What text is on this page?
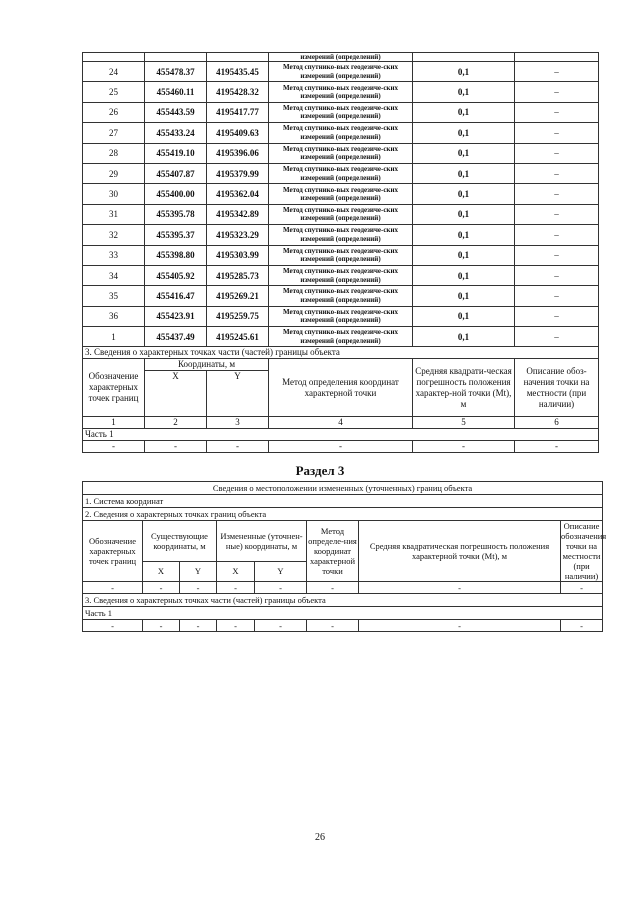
			измерений (определений)		
24	455478.37	4195435.45	Метод спутнико-вых геодезиче-ских измерений (определений)	0,1	–
25	455460.11	4195428.32	Метод спутнико-вых геодезиче-ских измерений (определений)	0,1	–
26	455443.59	4195417.77	Метод спутнико-вых геодезиче-ских измерений (определений)	0,1	–
27	455433.24	4195409.63	Метод спутнико-вых геодезиче-ских измерений (определений)	0,1	–
28	455419.10	4195396.06	Метод спутнико-вых геодезиче-ских измерений (определений)	0,1	–
29	455407.87	4195379.99	Метод спутнико-вых геодезиче-ских измерений (определений)	0,1	–
30	455400.00	4195362.04	Метод спутнико-вых геодезиче-ских измерений (определений)	0,1	–
31	455395.78	4195342.89	Метод спутнико-вых геодезиче-ских измерений (определений)	0,1	–
32	455395.37	4195323.29	Метод спутнико-вых геодезиче-ских измерений (определений)	0,1	–
33	455398.80	4195303.99	Метод спутнико-вых геодезиче-ских измерений (определений)	0,1	–
34	455405.92	4195285.73	Метод спутнико-вых геодезиче-ских измерений (определений)	0,1	–
35	455416.47	4195269.21	Метод спутнико-вых геодезиче-ских измерений (определений)	0,1	–
36	455423.91	4195259.75	Метод спутнико-вых геодезиче-ских измерений (определений)	0,1	–
1	455437.49	4195245.61	Метод спутнико-вых геодезиче-ских измерений (определений)	0,1	–
3. Сведения о характерных точках части (частей) границы объекта					
Обозначение характерных точек границ	Координаты, м		Метод определения координат характерной точки	Средняя квадрати-ческая погрешность положения характер-ной точки (Mt), м	Описание обоз-начения точки на местности (при наличии)
	X	Y			
1	2	3	4	5	6
Часть 1					
-	-	-	-	-	-
Раздел 3
Сведения о местоположении измененных (уточненных) границ объекта							
1. Система координат							
2. Сведения о характерных точках границ объекта							
Обозначение характерных точек границ	Существующие координаты, м		Измененные (уточнен-ные) координаты, м		Метод определе-ния координат характерной точки	Средняя квадратическая погрешность положения характерной точки (Mt), м	Описание обозначения точки на местности (при наличии)
	X	Y	X	Y			
-	-	-	-	-	-	-	-
3. Сведения о характерных точках части (частей) границы объекта							
Часть 1							
-	-	-	-	-	-	-	-
26
